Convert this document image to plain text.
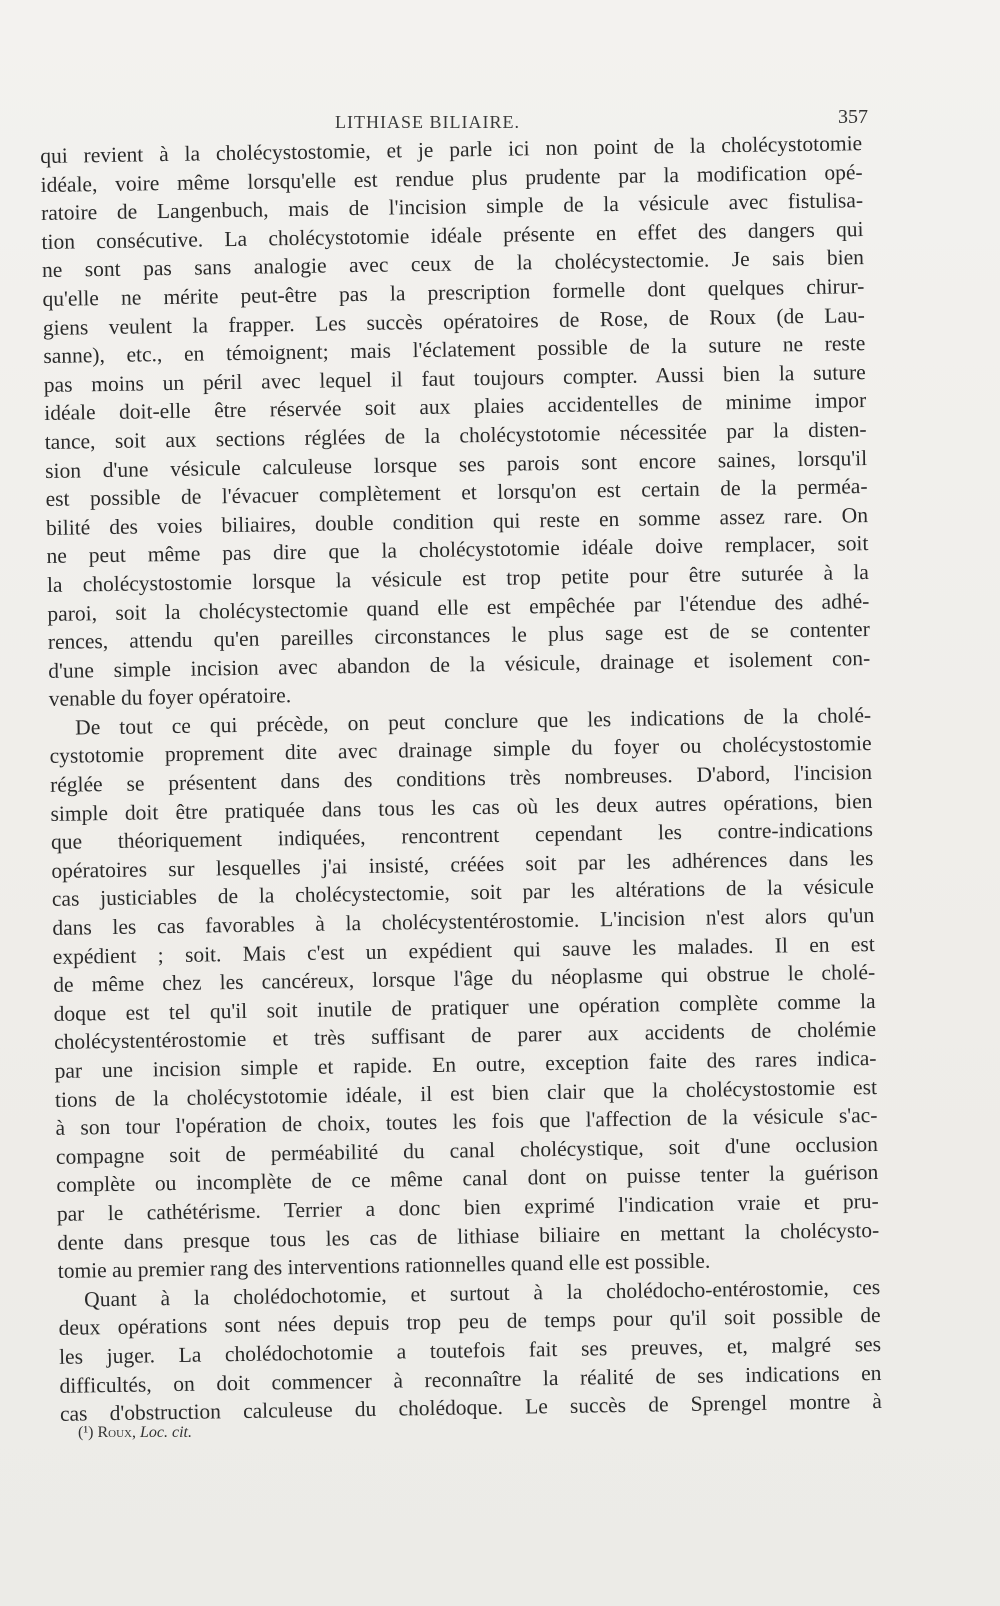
LITHIASE BILIAIRE.	357
qui revient à la cholécystostomie, et je parle ici non point de la cholécystotomie
idéale, voire même lorsqu'elle est rendue plus prudente par la modification opé-
ratoire de Langenbuch, mais de l'incision simple de la vésicule avec fistulisa-
tion consécutive. La cholécystotomie idéale présente en effet des dangers qui
ne sont pas sans analogie avec ceux de la cholécystectomie. Je sais bien
qu'elle ne mérite peut-être pas la prescription formelle dont quelques chirur-
giens veulent la frapper. Les succès opératoires de Rose, de Roux (de Lau-
sanne), etc., en témoignent; mais l'éclatement possible de la suture ne reste
pas moins un péril avec lequel il faut toujours compter. Aussi bien la suture
idéale doit-elle être réservée soit aux plaies accidentelles de minime impor
tance, soit aux sections réglées de la cholécystotomie nécessitée par la disten-
sion d'une vésicule calculeuse lorsque ses parois sont encore saines, lorsqu'il
est possible de l'évacuer complètement et lorsqu'on est certain de la perméa-
bilité des voies biliaires, double condition qui reste en somme assez rare. On
ne peut même pas dire que la cholécystotomie idéale doive remplacer, soit
la cholécystostomie lorsque la vésicule est trop petite pour être suturée à la
paroi, soit la cholécystectomie quand elle est empêchée par l'étendue des adhé-
rences, attendu qu'en pareilles circonstances le plus sage est de se contenter
d'une simple incision avec abandon de la vésicule, drainage et isolement con-
venable du foyer opératoire.
De tout ce qui précède, on peut conclure que les indications de la cholé-
cystotomie proprement dite avec drainage simple du foyer ou cholécystostomie
réglée se présentent dans des conditions très nombreuses. D'abord, l'incision
simple doit être pratiquée dans tous les cas où les deux autres opérations, bien
que théoriquement indiquées, rencontrent cependant les contre-indications
opératoires sur lesquelles j'ai insisté, créées soit par les adhérences dans les
cas justiciables de la cholécystectomie, soit par les altérations de la vésicule
dans les cas favorables à la cholécystentérostomie. L'incision n'est alors qu'un
expédient ; soit. Mais c'est un expédient qui sauve les malades. Il en est
de même chez les cancéreux, lorsque l'âge du néoplasme qui obstrue le cholé-
doque est tel qu'il soit inutile de pratiquer une opération complète comme la
cholécystentérostomie et très suffisant de parer aux accidents de cholémie
par une incision simple et rapide. En outre, exception faite des rares indica-
tions de la cholécystotomie idéale, il est bien clair que la cholécystostomie est
à son tour l'opération de choix, toutes les fois que l'affection de la vésicule s'ac-
compagne soit de perméabilité du canal cholécystique, soit d'une occlusion
complète ou incomplète de ce même canal dont on puisse tenter la guérison
par le cathétérisme. Terrier a donc bien exprimé l'indication vraie et pru-
dente dans presque tous les cas de lithiase biliaire en mettant la cholécysto-
tomie au premier rang des interventions rationnelles quand elle est possible.
Quant à la cholédochotomie, et surtout à la cholédocho-entérostomie, ces
deux opérations sont nées depuis trop peu de temps pour qu'il soit possible de
les juger. La cholédochotomie a toutefois fait ses preuves, et, malgré ses
difficultés, on doit commencer à reconnaître la réalité de ses indications en
cas d'obstruction calculeuse du cholédoque. Le succès de Sprengel montre à
(¹) Roux, Loc. cit.
